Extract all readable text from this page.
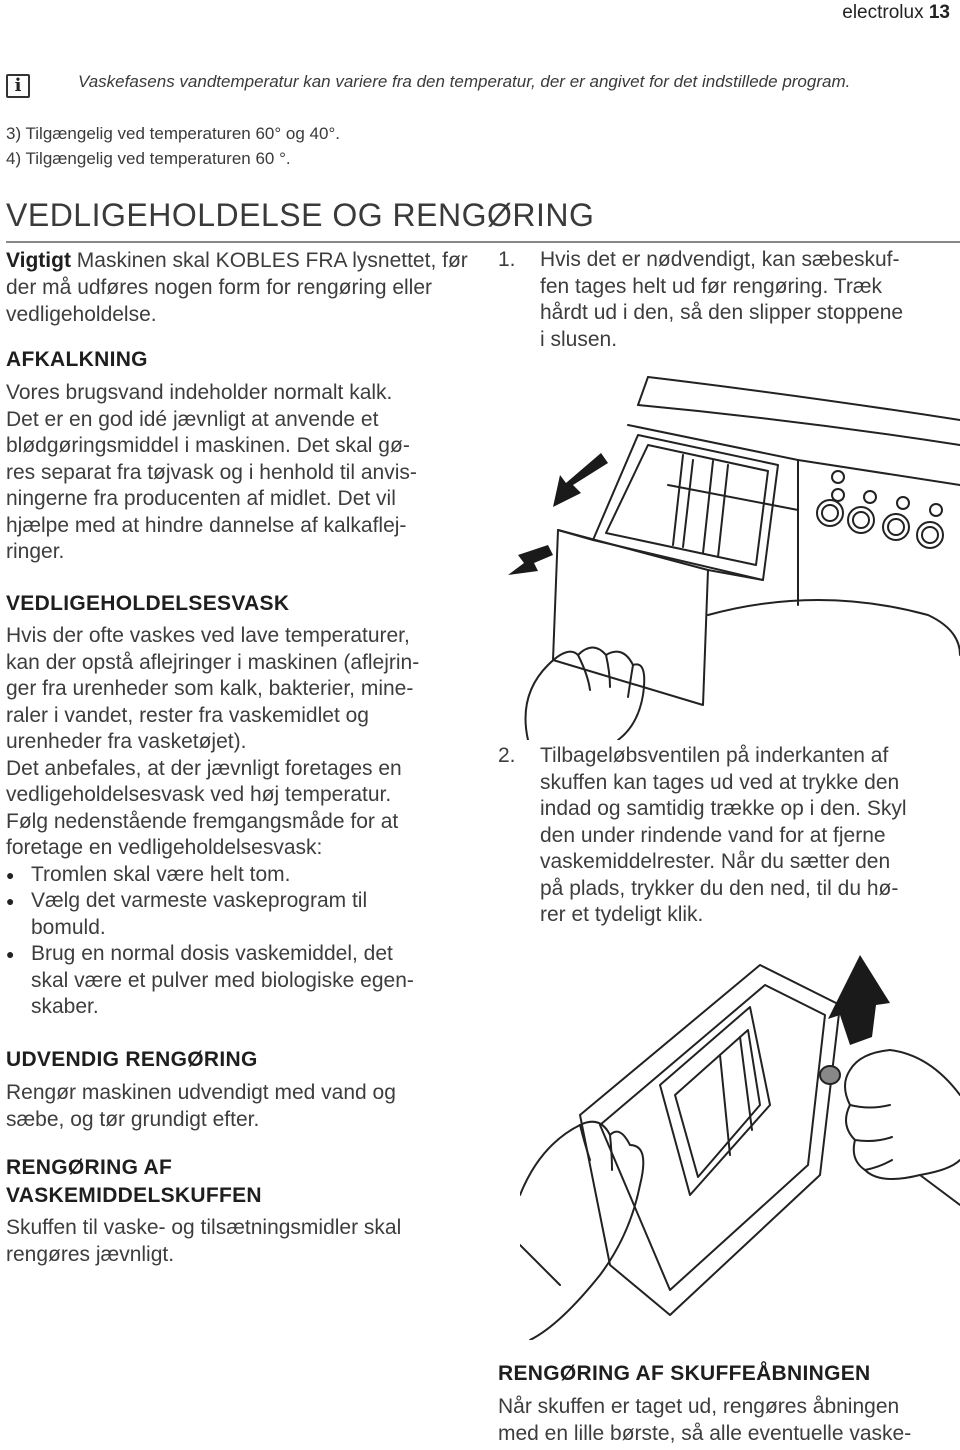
electrolux 13
i	Vaskefasens vandtemperatur kan variere fra den temperatur, der er angivet for det indstillede program.
3) Tilgængelig ved temperaturen 60° og 40°.
4) Tilgængelig ved temperaturen 60 °.
VEDLIGEHOLDELSE OG RENGØRING

Vigtigt Maskinen skal KOBLES FRA lysnettet, før der må udføres nogen form for rengøring eller vedligeholdelse.

AFKALKNING

Vores brugsvand indeholder normalt kalk.

Det er en god idé jævnligt at anvende et

blødgøringsmiddel i maskinen. Det skal gø-

res separat fra tøjvask og i henhold til anvis-

ningerne fra producenten af midlet. Det vil

hjælpe med at hindre dannelse af kalkaflej-

ringer.

VEDLIGEHOLDELSESVASK

Hvis der ofte vaskes ved lave temperaturer,

kan der opstå aflejringer i maskinen (aflejrin-

ger fra urenheder som kalk, bakterier, mine-

raler i vandet, rester fra vaskemidlet og

urenheder fra vasketøjet).

Det anbefales, at der jævnligt foretages en

vedligeholdelsesvask ved høj temperatur.

Følg nedenstående fremgangsmåde for at

foretage en vedligeholdelsesvask:

● Tromlen skal være helt tom.
● Vælg det varmeste vaskeprogram til
bomuld.
● Brug en normal dosis vaskemiddel, det
skal være et pulver med biologiske egen-
skaber.
UDVENDIG RENGØRING

Rengør maskinen udvendigt med vand og

sæbe, og tør grundigt efter.

RENGØRING AF
VASKEMIDDELSKUFFEN

Skuffen til vaske- og tilsætningsmidler skal

rengøres jævnligt.

1. Hvis det er nødvendigt, kan sæbeskuf-
fen tages helt ud før rengøring. Træk
hårdt ud i den, så den slipper stoppene
i slusen.
2. Tilbageløbsventilen på inderkanten af
skuffen kan tages ud ved at trykke den
indad og samtidig trække op i den. Skyl
den under rindende vand for at fjerne
vaskemiddelrester. Når du sætter den
på plads, trykker du den ned, til du hø-
rer et tydeligt klik.
RENGØRING AF SKUFFEÅBNINGEN

Når skuffen er taget ud, rengøres åbningen

med en lille børste, så alle eventuelle vaske-
